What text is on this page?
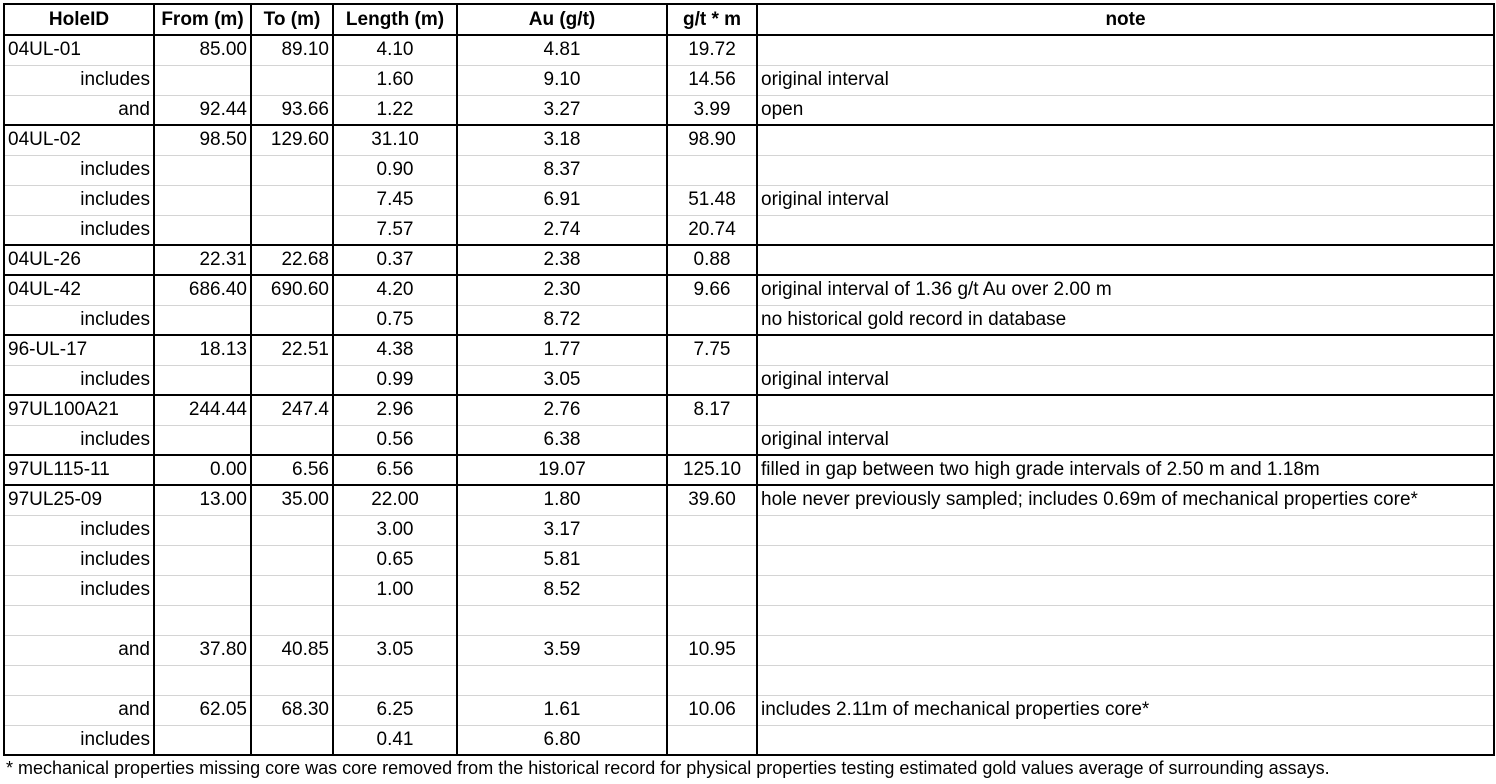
HoleID	From (m)	To (m)	Length (m)	Au (g/t)	g/t * m	note
04UL-01	85.00	89.10	4.10	4.81	19.72	
includes			1.60	9.10	14.56	original interval
and	92.44	93.66	1.22	3.27	3.99	open
04UL-02	98.50	129.60	31.10	3.18	98.90	
includes			0.90	8.37		
includes			7.45	6.91	51.48	original interval
includes			7.57	2.74	20.74	
04UL-26	22.31	22.68	0.37	2.38	0.88	
04UL-42	686.40	690.60	4.20	2.30	9.66	original interval of 1.36 g/t Au over 2.00 m
includes			0.75	8.72		no historical gold record in database
96-UL-17	18.13	22.51	4.38	1.77	7.75	
includes			0.99	3.05		original interval
97UL100A21	244.44	247.4	2.96	2.76	8.17	
includes			0.56	6.38		original interval
97UL115-11	0.00	6.56	6.56	19.07	125.10	filled in gap between two high grade intervals of 2.50 m and 1.18m
97UL25-09	13.00	35.00	22.00	1.80	39.60	hole never previously sampled; includes 0.69m of mechanical properties core*
includes			3.00	3.17		
includes			0.65	5.81		
includes			1.00	8.52		

and	37.80	40.85	3.05	3.59	10.95	

and	62.05	68.30	6.25	1.61	10.06	includes 2.11m of mechanical properties core*
includes			0.41	6.80		
* mechanical properties missing core was core removed from the historical record for physical properties testing estimated gold values average of surrounding assays.
